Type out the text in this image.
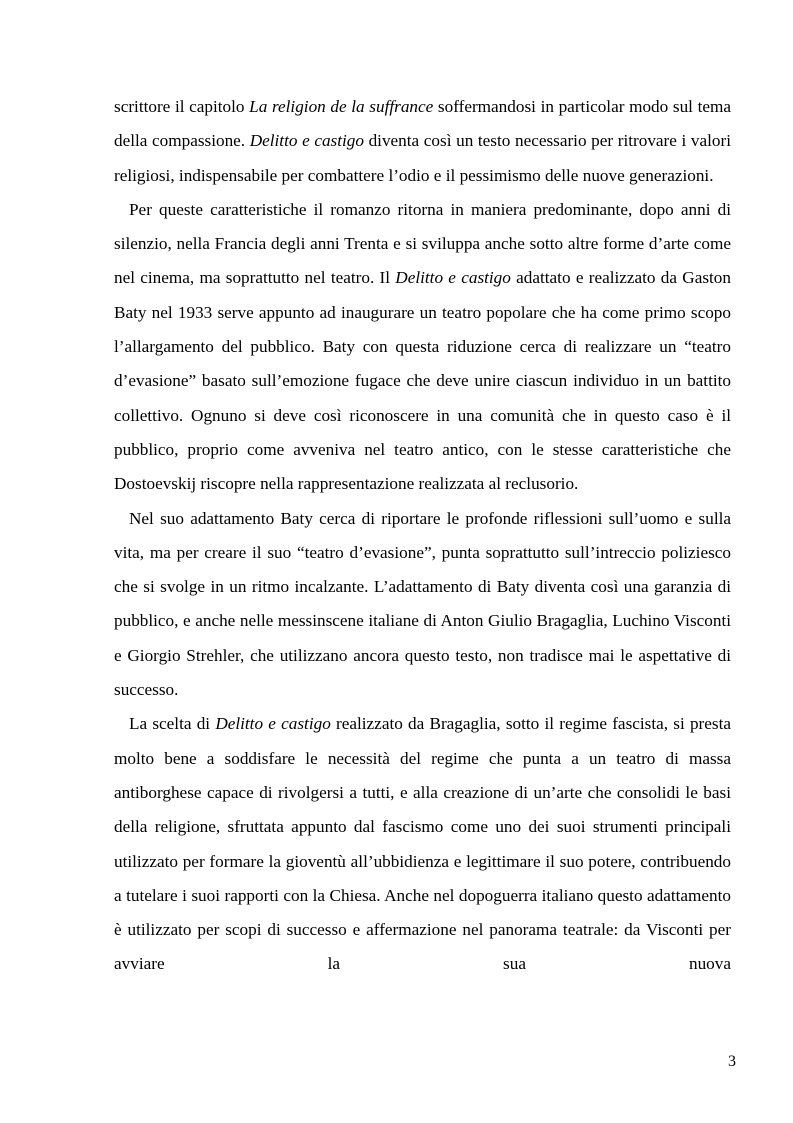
scrittore il capitolo La religion de la suffrance soffermandosi in particolar modo sul tema della compassione. Delitto e castigo diventa così un testo necessario per ritrovare i valori religiosi, indispensabile per combattere l’odio e il pessimismo delle nuove generazioni.

Per queste caratteristiche il romanzo ritorna in maniera predominante, dopo anni di silenzio, nella Francia degli anni Trenta e si sviluppa anche sotto altre forme d’arte come nel cinema, ma soprattutto nel teatro. Il Delitto e castigo adattato e realizzato da Gaston Baty nel 1933 serve appunto ad inaugurare un teatro popolare che ha come primo scopo l’allargamento del pubblico. Baty con questa riduzione cerca di realizzare un “teatro d’evasione” basato sull’emozione fugace che deve unire ciascun individuo in un battito collettivo. Ognuno si deve così riconoscere in una comunità che in questo caso è il pubblico, proprio come avveniva nel teatro antico, con le stesse caratteristiche che Dostoevskij riscopre nella rappresentazione realizzata al reclusorio.

Nel suo adattamento Baty cerca di riportare le profonde riflessioni sull’uomo e sulla vita, ma per creare il suo “teatro d’evasione”, punta soprattutto sull’intreccio poliziesco che si svolge in un ritmo incalzante. L’adattamento di Baty diventa così una garanzia di pubblico, e anche nelle messinscene italiane di Anton Giulio Bragaglia, Luchino Visconti e Giorgio Strehler, che utilizzano ancora questo testo, non tradisce mai le aspettative di successo.

La scelta di Delitto e castigo realizzato da Bragaglia, sotto il regime fascista, si presta molto bene a soddisfare le necessità del regime che punta a un teatro di massa antiborghese capace di rivolgersi a tutti, e alla creazione di un’arte che consolidi le basi della religione, sfruttata appunto dal fascismo come uno dei suoi strumenti principali utilizzato per formare la gioventù all’ubbidienza e legittimare il suo potere, contribuendo a tutelare i suoi rapporti con la Chiesa. Anche nel dopoguerra italiano questo adattamento è utilizzato per scopi di successo e affermazione nel panorama teatrale: da Visconti per avviare la sua nuova

3
